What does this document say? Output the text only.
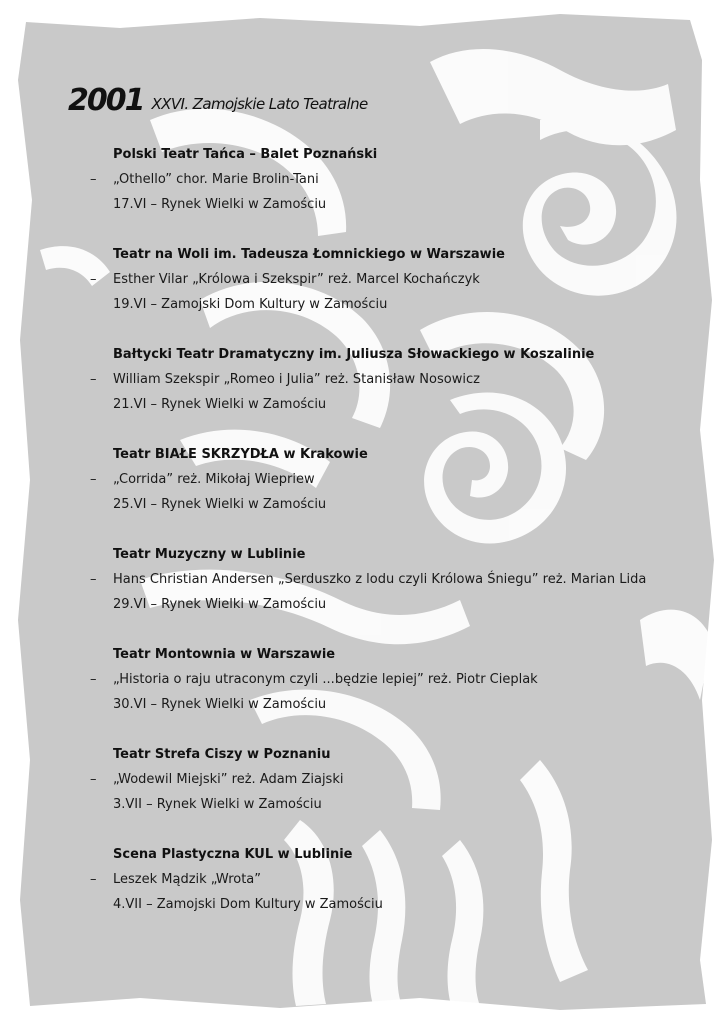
2001 XXVI. Zamojskie Lato Teatralne
Polski Teatr Tańca – Balet Poznański
– „Othello” chor. Marie Brolin-Tani
17.VI – Rynek Wielki w Zamościu
Teatr na Woli im. Tadeusza Łomnickiego w Warszawie
– Esther Vilar „Królowa i Szekspir” reż. Marcel Kochańczyk
19.VI – Zamojski Dom Kultury w Zamościu
Bałtycki Teatr Dramatyczny im. Juliusza Słowackiego w Koszalinie
– William Szekspir „Romeo i Julia” reż. Stanisław Nosowicz
21.VI – Rynek Wielki w Zamościu
Teatr BIAŁE SKRZYDŁA w Krakowie
– „Corrida” reż. Mikołaj Wiepriew
25.VI – Rynek Wielki w Zamościu
Teatr Muzyczny w Lublinie
– Hans Christian Andersen „Serduszko z lodu czyli Królowa Śniegu” reż. Marian Lida
29.VI – Rynek Wielki w Zamościu
Teatr Montownia w Warszawie
– „Historia o raju utraconym czyli ...będzie lepiej” reż. Piotr Cieplak
30.VI – Rynek Wielki w Zamościu
Teatr Strefa Ciszy w Poznaniu
– „Wodewil Miejski” reż. Adam Ziajski
3.VII – Rynek Wielki w Zamościu
Scena Plastyczna KUL w Lublinie
– Leszek Mądzik „Wrota”
4.VII – Zamojski Dom Kultury w Zamościu
